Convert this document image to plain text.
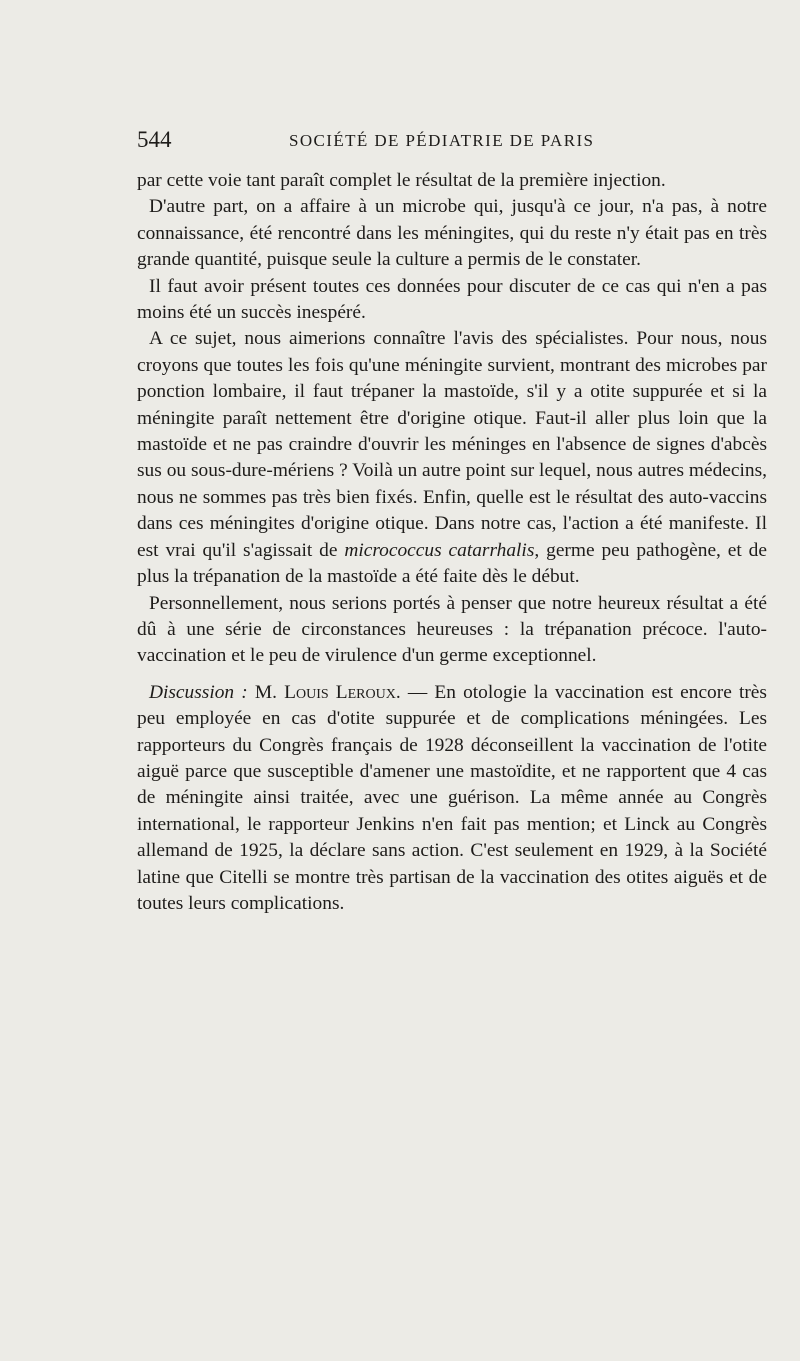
544	SOCIÉTÉ DE PÉDIATRIE DE PARIS

par cette voie tant paraît complet le résultat de la première injection.

D'autre part, on a affaire à un microbe qui, jusqu'à ce jour, n'a pas, à notre connaissance, été rencontré dans les méningites, qui du reste n'y était pas en très grande quantité, puisque seule la culture a permis de le constater.

Il faut avoir présent toutes ces données pour discuter de ce cas qui n'en a pas moins été un succès inespéré.

A ce sujet, nous aimerions connaître l'avis des spécialistes. Pour nous, nous croyons que toutes les fois qu'une méningite survient, montrant des microbes par ponction lombaire, il faut trépaner la mastoïde, s'il y a otite suppurée et si la méningite paraît nettement être d'origine otique. Faut-il aller plus loin que la mastoïde et ne pas craindre d'ouvrir les méninges en l'absence de signes d'abcès sus ou sous-dure-mériens ? Voilà un autre point sur lequel, nous autres médecins, nous ne sommes pas très bien fixés. Enfin, quelle est le résultat des auto-vaccins dans ces méningites d'origine otique. Dans notre cas, l'action a été manifeste. Il est vrai qu'il s'agissait de micrococcus catarrhalis, germe peu pathogène, et de plus la trépanation de la mastoïde a été faite dès le début.

Personnellement, nous serions portés à penser que notre heureux résultat a été dû à une série de circonstances heureuses : la trépanation précoce. l'auto-vaccination et le peu de virulence d'un germe exceptionnel.

Discussion : M. Louis Leroux. — En otologie la vaccination est encore très peu employée en cas d'otite suppurée et de complications méningées. Les rapporteurs du Congrès français de 1928 déconseillent la vaccination de l'otite aiguë parce que susceptible d'amener une mastoïdite, et ne rapportent que 4 cas de méningite ainsi traitée, avec une guérison. La même année au Congrès international, le rapporteur Jenkins n'en fait pas mention; et Linck au Congrès allemand de 1925, la déclare sans action. C'est seulement en 1929, à la Société latine que Citelli se montre très partisan de la vaccination des otites aiguës et de toutes leurs complications.
